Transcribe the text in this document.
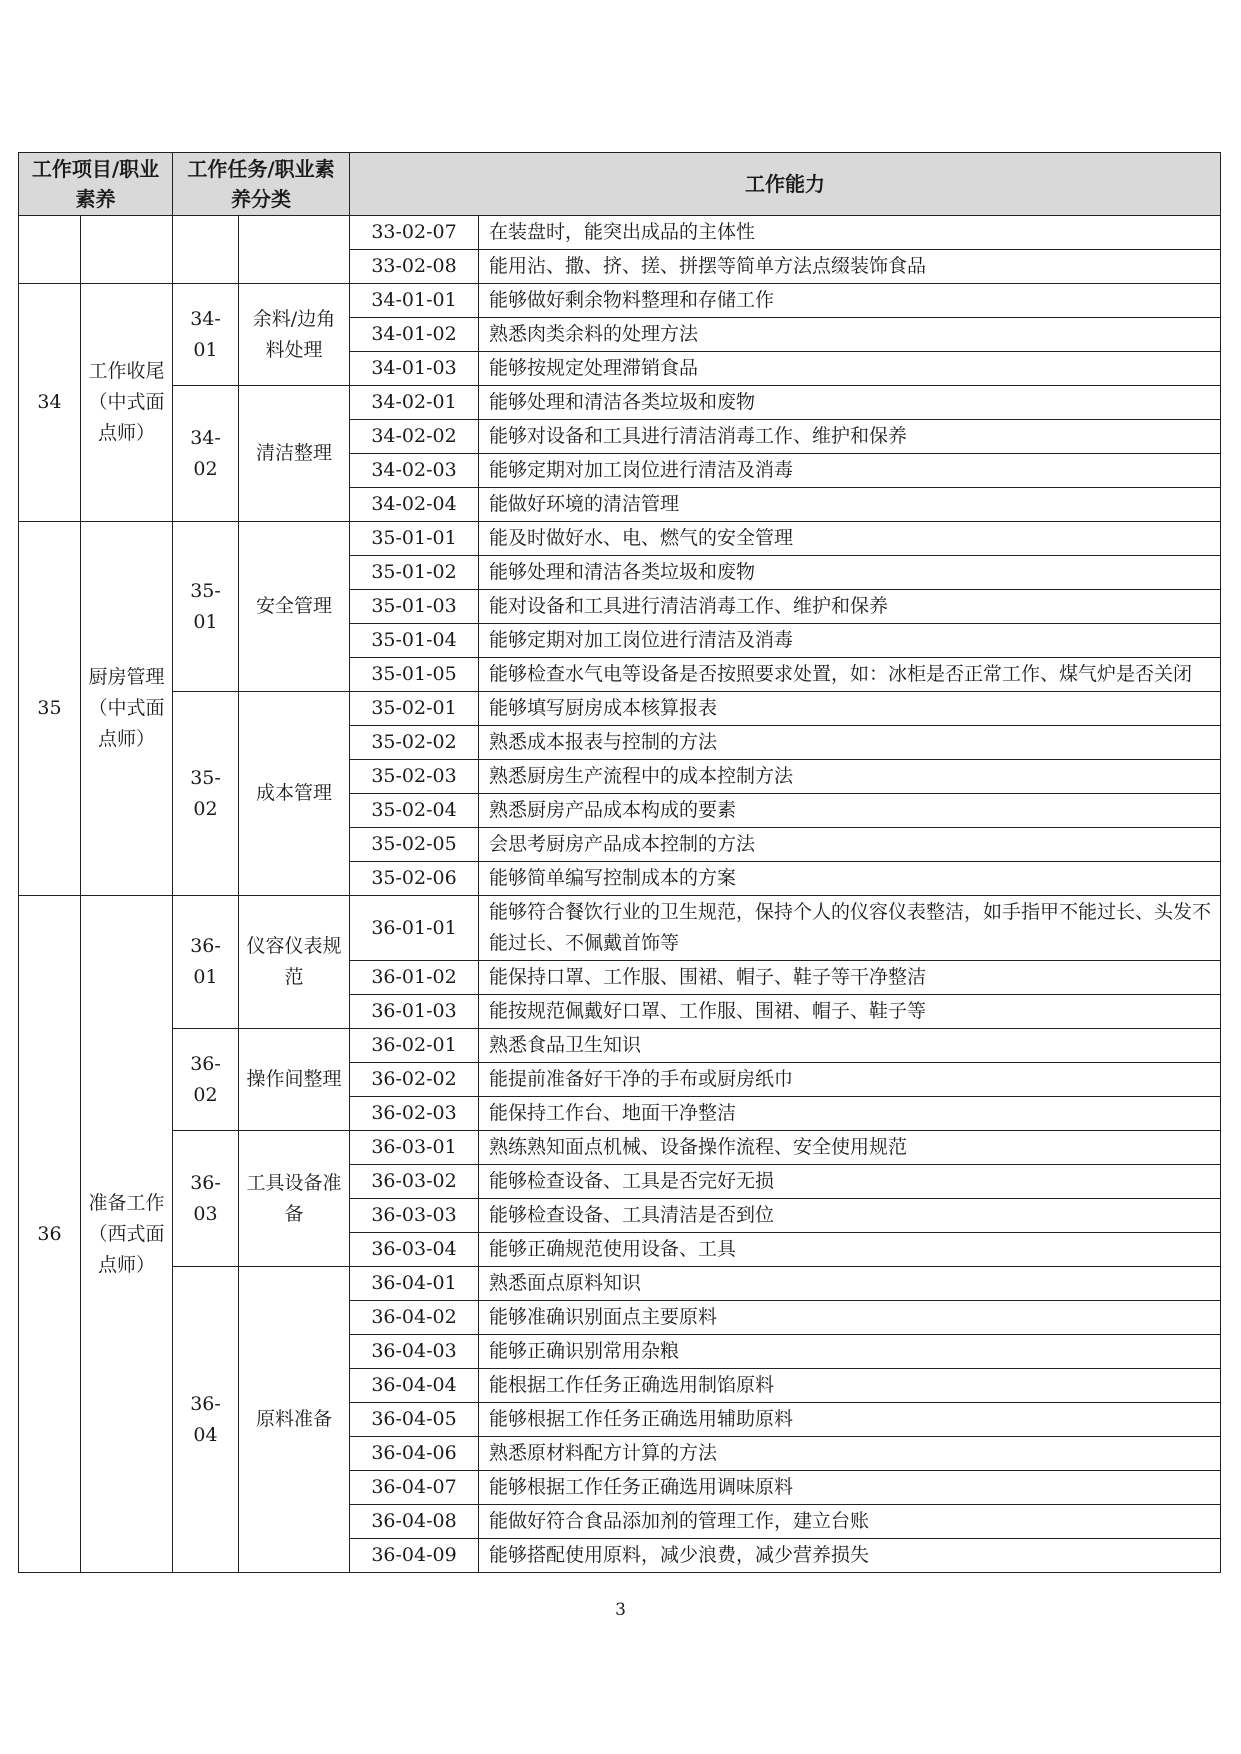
工作项目/职业素养		工作任务/职业素养分类		工作能力	
				33-02-07	在装盘时，能突出成品的主体性
				33-02-08	能用沾、撒、挤、搓、拼摆等简单方法点缀装饰食品
34	工作收尾（中式面点师）	34-01	余料/边角料处理	34-01-01	能够做好剩余物料整理和存储工作
				34-01-02	熟悉肉类余料的处理方法
				34-01-03	能够按规定处理滞销食品
		34-02	清洁整理	34-02-01	能够处理和清洁各类垃圾和废物
				34-02-02	能够对设备和工具进行清洁消毒工作、维护和保养
				34-02-03	能够定期对加工岗位进行清洁及消毒
				34-02-04	能做好环境的清洁管理
35	厨房管理（中式面点师）	35-01	安全管理	35-01-01	能及时做好水、电、燃气的安全管理
				35-01-02	能够处理和清洁各类垃圾和废物
				35-01-03	能对设备和工具进行清洁消毒工作、维护和保养
				35-01-04	能够定期对加工岗位进行清洁及消毒
				35-01-05	能够检查水气电等设备是否按照要求处置，如：冰柜是否正常工作、煤气炉是否关闭
		35-02	成本管理	35-02-01	能够填写厨房成本核算报表
				35-02-02	熟悉成本报表与控制的方法
				35-02-03	熟悉厨房生产流程中的成本控制方法
				35-02-04	熟悉厨房产品成本构成的要素
				35-02-05	会思考厨房产品成本控制的方法
				35-02-06	能够简单编写控制成本的方案
36	准备工作（西式面点师）	36-01	仪容仪表规范	36-01-01	能够符合餐饮行业的卫生规范，保持个人的仪容仪表整洁，如手指甲不能过长、头发不能过长、不佩戴首饰等
				36-01-02	能保持口罩、工作服、围裙、帽子、鞋子等干净整洁
				36-01-03	能按规范佩戴好口罩、工作服、围裙、帽子、鞋子等
		36-02	操作间整理	36-02-01	熟悉食品卫生知识
				36-02-02	能提前准备好干净的手布或厨房纸巾
				36-02-03	能保持工作台、地面干净整洁
		36-03	工具设备准备	36-03-01	熟练熟知面点机械、设备操作流程、安全使用规范
				36-03-02	能够检查设备、工具是否完好无损
				36-03-03	能够检查设备、工具清洁是否到位
				36-03-04	能够正确规范使用设备、工具
		36-04	原料准备	36-04-01	熟悉面点原料知识
				36-04-02	能够准确识别面点主要原料
				36-04-03	能够正确识别常用杂粮
				36-04-04	能根据工作任务正确选用制馅原料
				36-04-05	能够根据工作任务正确选用辅助原料
				36-04-06	熟悉原材料配方计算的方法
				36-04-07	能够根据工作任务正确选用调味原料
				36-04-08	能做好符合食品添加剂的管理工作，建立台账
				36-04-09	能够搭配使用原料，减少浪费，减少营养损失
3
